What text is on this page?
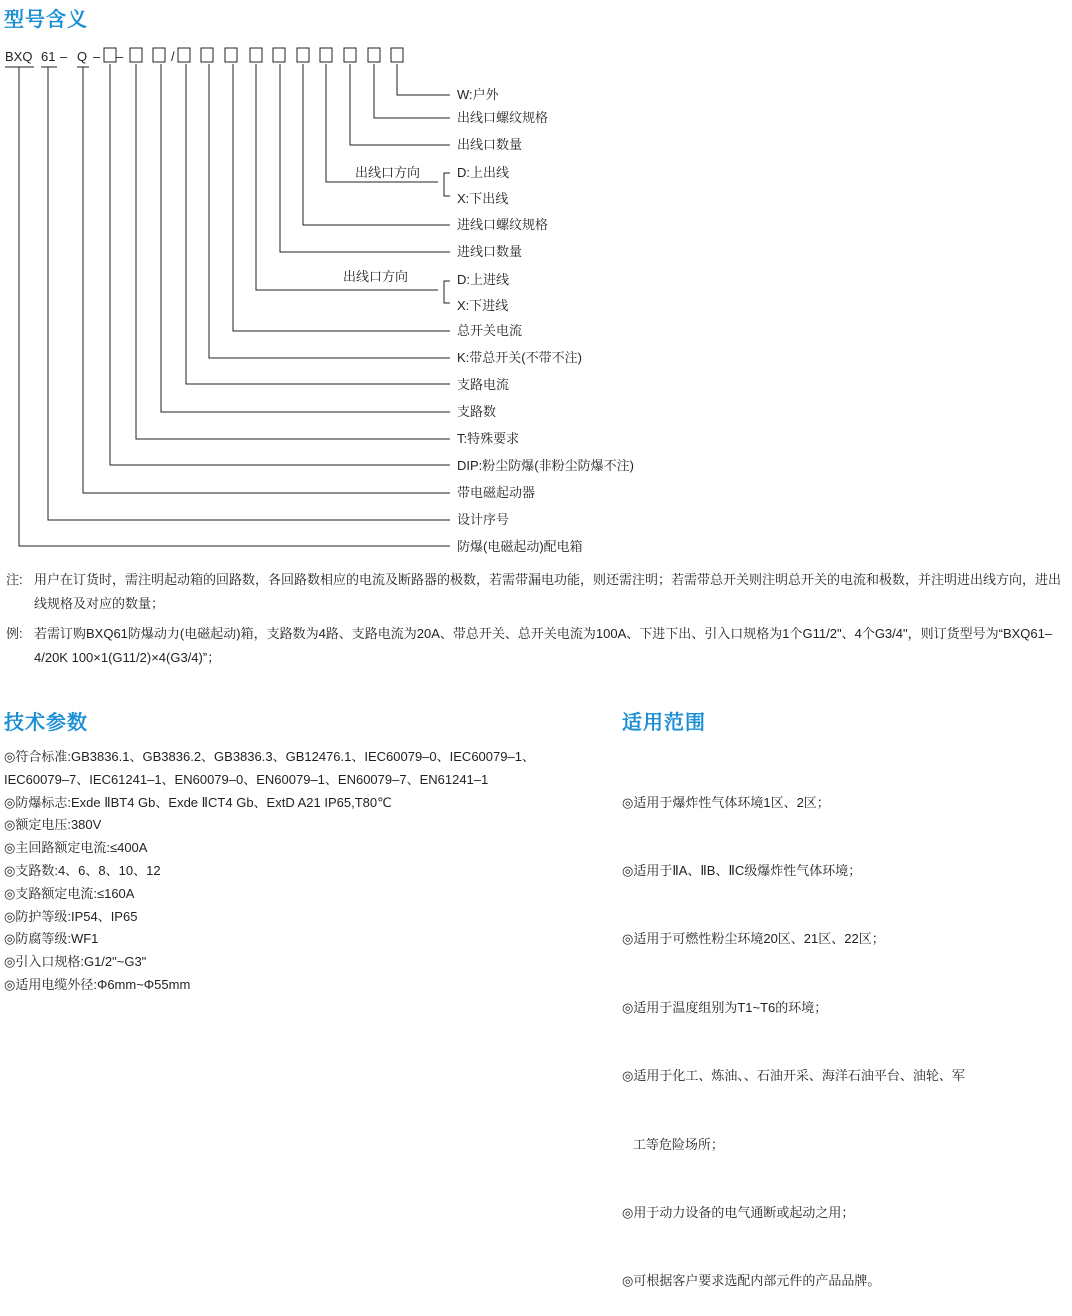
型号含义
技术参数	适用范围
BXQ 61 – Q – –	/
W:户外
出线口螺纹规格
出线口数量
出线口方向	D:上出线
X:下出线
进线口螺纹规格
进线口数量
出线口方向	D:上进线
X:下进线
总开关电流
K:带总开关(不带不注)
支路电流
支路数
T:特殊要求
DIP:粉尘防爆(非粉尘防爆不注)
带电磁起动器
设计序号
防爆(电磁起动)配电箱
注: 用户在订货时，需注明起动箱的回路数，各回路数相应的电流及断路器的极数，若需带漏电功能，则还需注明；若需带总开关则注明总开关的电流和极数，并注明进出线方向，进出线规格及对应的数量；
例: 若需订购BXQ61防爆动力(电磁起动)箱，支路数为4路、支路电流为20A、带总开关、总开关电流为100A、下进下出、引入口规格为1个G11/2"、4个G3/4"，则订货型号为“BXQ61–4/20K 100×1(G11/2)×4(G3/4)”；
◎符合标准:GB3836.1、GB3836.2、GB3836.3、GB12476.1、IEC60079–0、IEC60079–1、
IEC60079–7、IEC61241–1、EN60079–0、EN60079–1、EN60079–7、EN61241–1
◎防爆标志:Exde ⅡBT4 Gb、Exde ⅡCT4 Gb、ExtD A21 IP65,T80℃
◎额定电压:380V
◎主回路额定电流:≤400A
◎支路数:4、6、8、10、12
◎支路额定电流:≤160A
◎防护等级:IP54、IP65
◎防腐等级:WF1
◎引入口规格:G1/2"~G3"
◎适用电缆外径:Φ6mm~Φ55mm

◎适用于爆炸性气体环境1区、2区；

◎适用于ⅡA、ⅡB、ⅡC级爆炸性气体环境；

◎适用于可燃性粉尘环境20区、21区、22区；

◎适用于温度组别为T1~T6的环境；

◎适用于化工、炼油、、石油开采、海洋石油平台、油轮、军

工等危险场所；

◎用于动力设备的电气通断或起动之用；

◎可根据客户要求选配内部元件的产品品牌。
